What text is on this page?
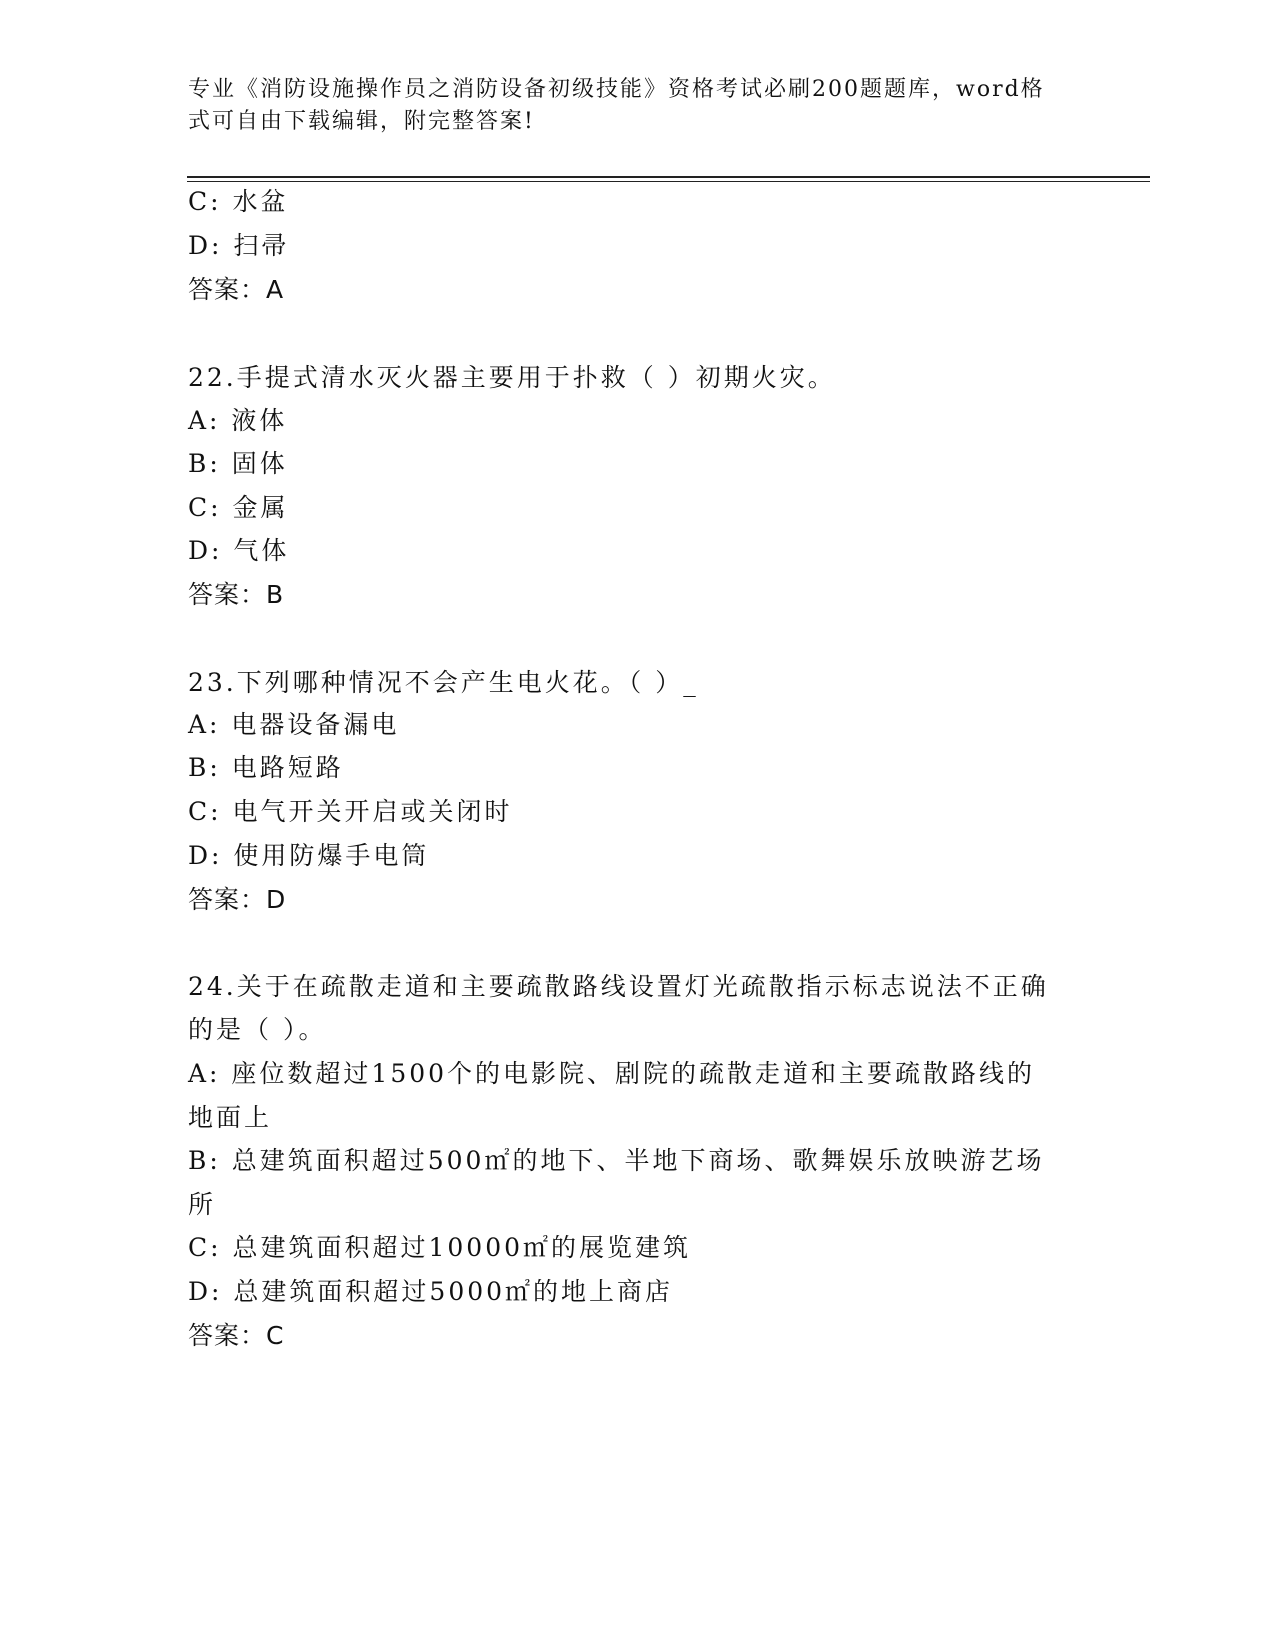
专业《消防设施操作员之消防设备初级技能》资格考试必刷200题题库，word格
式可自由下载编辑，附完整答案!
C: 水盆
D: 扫帚
答案：A
22.手提式清水灭火器主要用于扑救（ ）初期火灾。
A: 液体
B: 固体
C: 金属
D: 气体
答案：B
23.下列哪种情况不会产生电火花。（ ）_
A: 电器设备漏电
B: 电路短路
C: 电气开关开启或关闭时
D: 使用防爆手电筒
答案：D
24.关于在疏散走道和主要疏散路线设置灯光疏散指示标志说法不正确
的是（ ）。
A: 座位数超过1500个的电影院、剧院的疏散走道和主要疏散路线的
地面上
B: 总建筑面积超过500㎡的地下、半地下商场、歌舞娱乐放映游艺场
所
C: 总建筑面积超过10000㎡的展览建筑
D: 总建筑面积超过5000㎡的地上商店
答案：C
